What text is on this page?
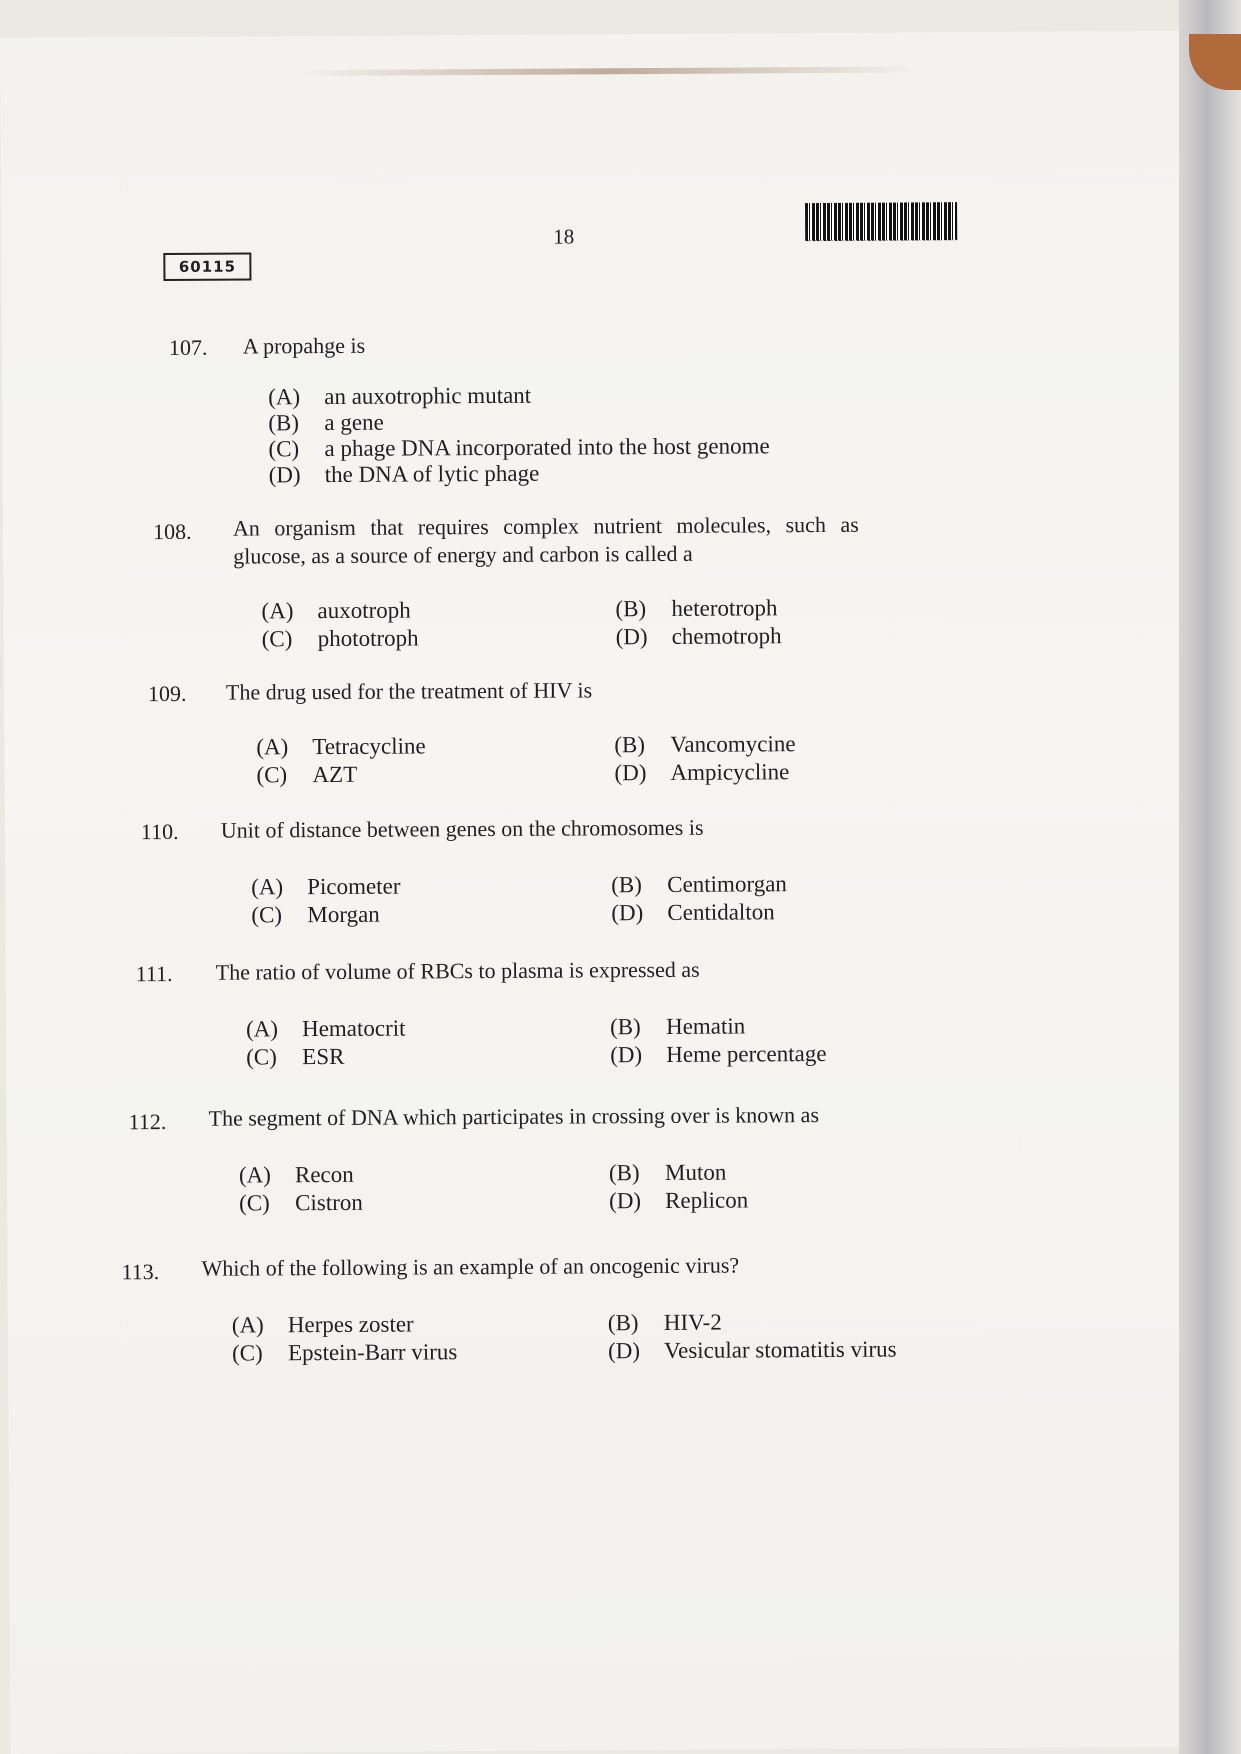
18
60115
107. A propahge is
(A) an auxotrophic mutant
(B) a gene
(C) a phage DNA incorporated into the host genome
(D) the DNA of lytic phage
108. An organism that requires complex nutrient molecules, such as
glucose, as a source of energy and carbon is called a
(A) auxotroph	(B) heterotroph
(C) phototroph	(D) chemotroph
109. The drug used for the treatment of HIV is
(A) Tetracycline	(B) Vancomycine
(C) AZT	(D) Ampicycline
110. Unit of distance between genes on the chromosomes is
(A) Picometer	(B) Centimorgan
(C) Morgan	(D) Centidalton
111. The ratio of volume of RBCs to plasma is expressed as
(A) Hematocrit	(B) Hematin
(C) ESR	(D) Heme percentage
112. The segment of DNA which participates in crossing over is known as
(A) Recon	(B) Muton
(C) Cistron	(D) Replicon
113. Which of the following is an example of an oncogenic virus?
(A) Herpes zoster	(B) HIV-2
(C) Epstein-Barr virus	(D) Vesicular stomatitis virus
